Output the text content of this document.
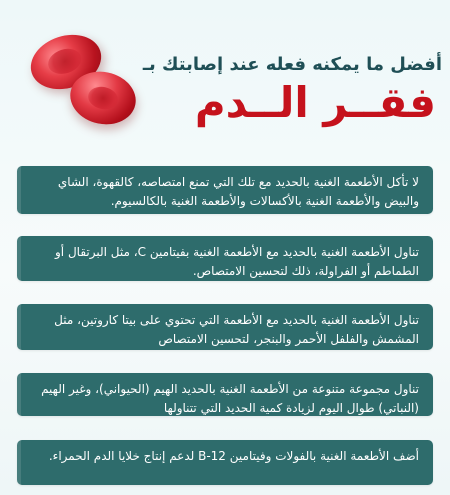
أفضل ما يمكنه فعله عند إصابتك بـ
فقــر الــدم
لا تأكل الأطعمة الغنية بالحديد مع تلك التي تمنع امتصاصه، كالقهوة، الشاي والبيض والأطعمة الغنية بالأكسالات والأطعمة الغنية بالكالسيوم.
تناول الأطعمة الغنية بالحديد مع الأطعمة الغنية بفيتامين C، مثل البرتقال أو الطماطم أو الفراولة، ذلك لتحسين الامتصاص.
تناول الأطعمة الغنية بالحديد مع الأطعمة التي تحتوي على بيتا كاروتين، مثل المشمش والفلفل الأحمر والبنجر، لتحسين الامتصاص
تناول مجموعة متنوعة من الأطعمة الغنية بالحديد الهيم (الحيواني)، وغير الهيم (النباتي) طوال اليوم لزيادة كمية الحديد التي تتناولها
أضف الأطعمة الغنية بالفولات وفيتامين B-12 لدعم إنتاج خلايا الدم الحمراء.
